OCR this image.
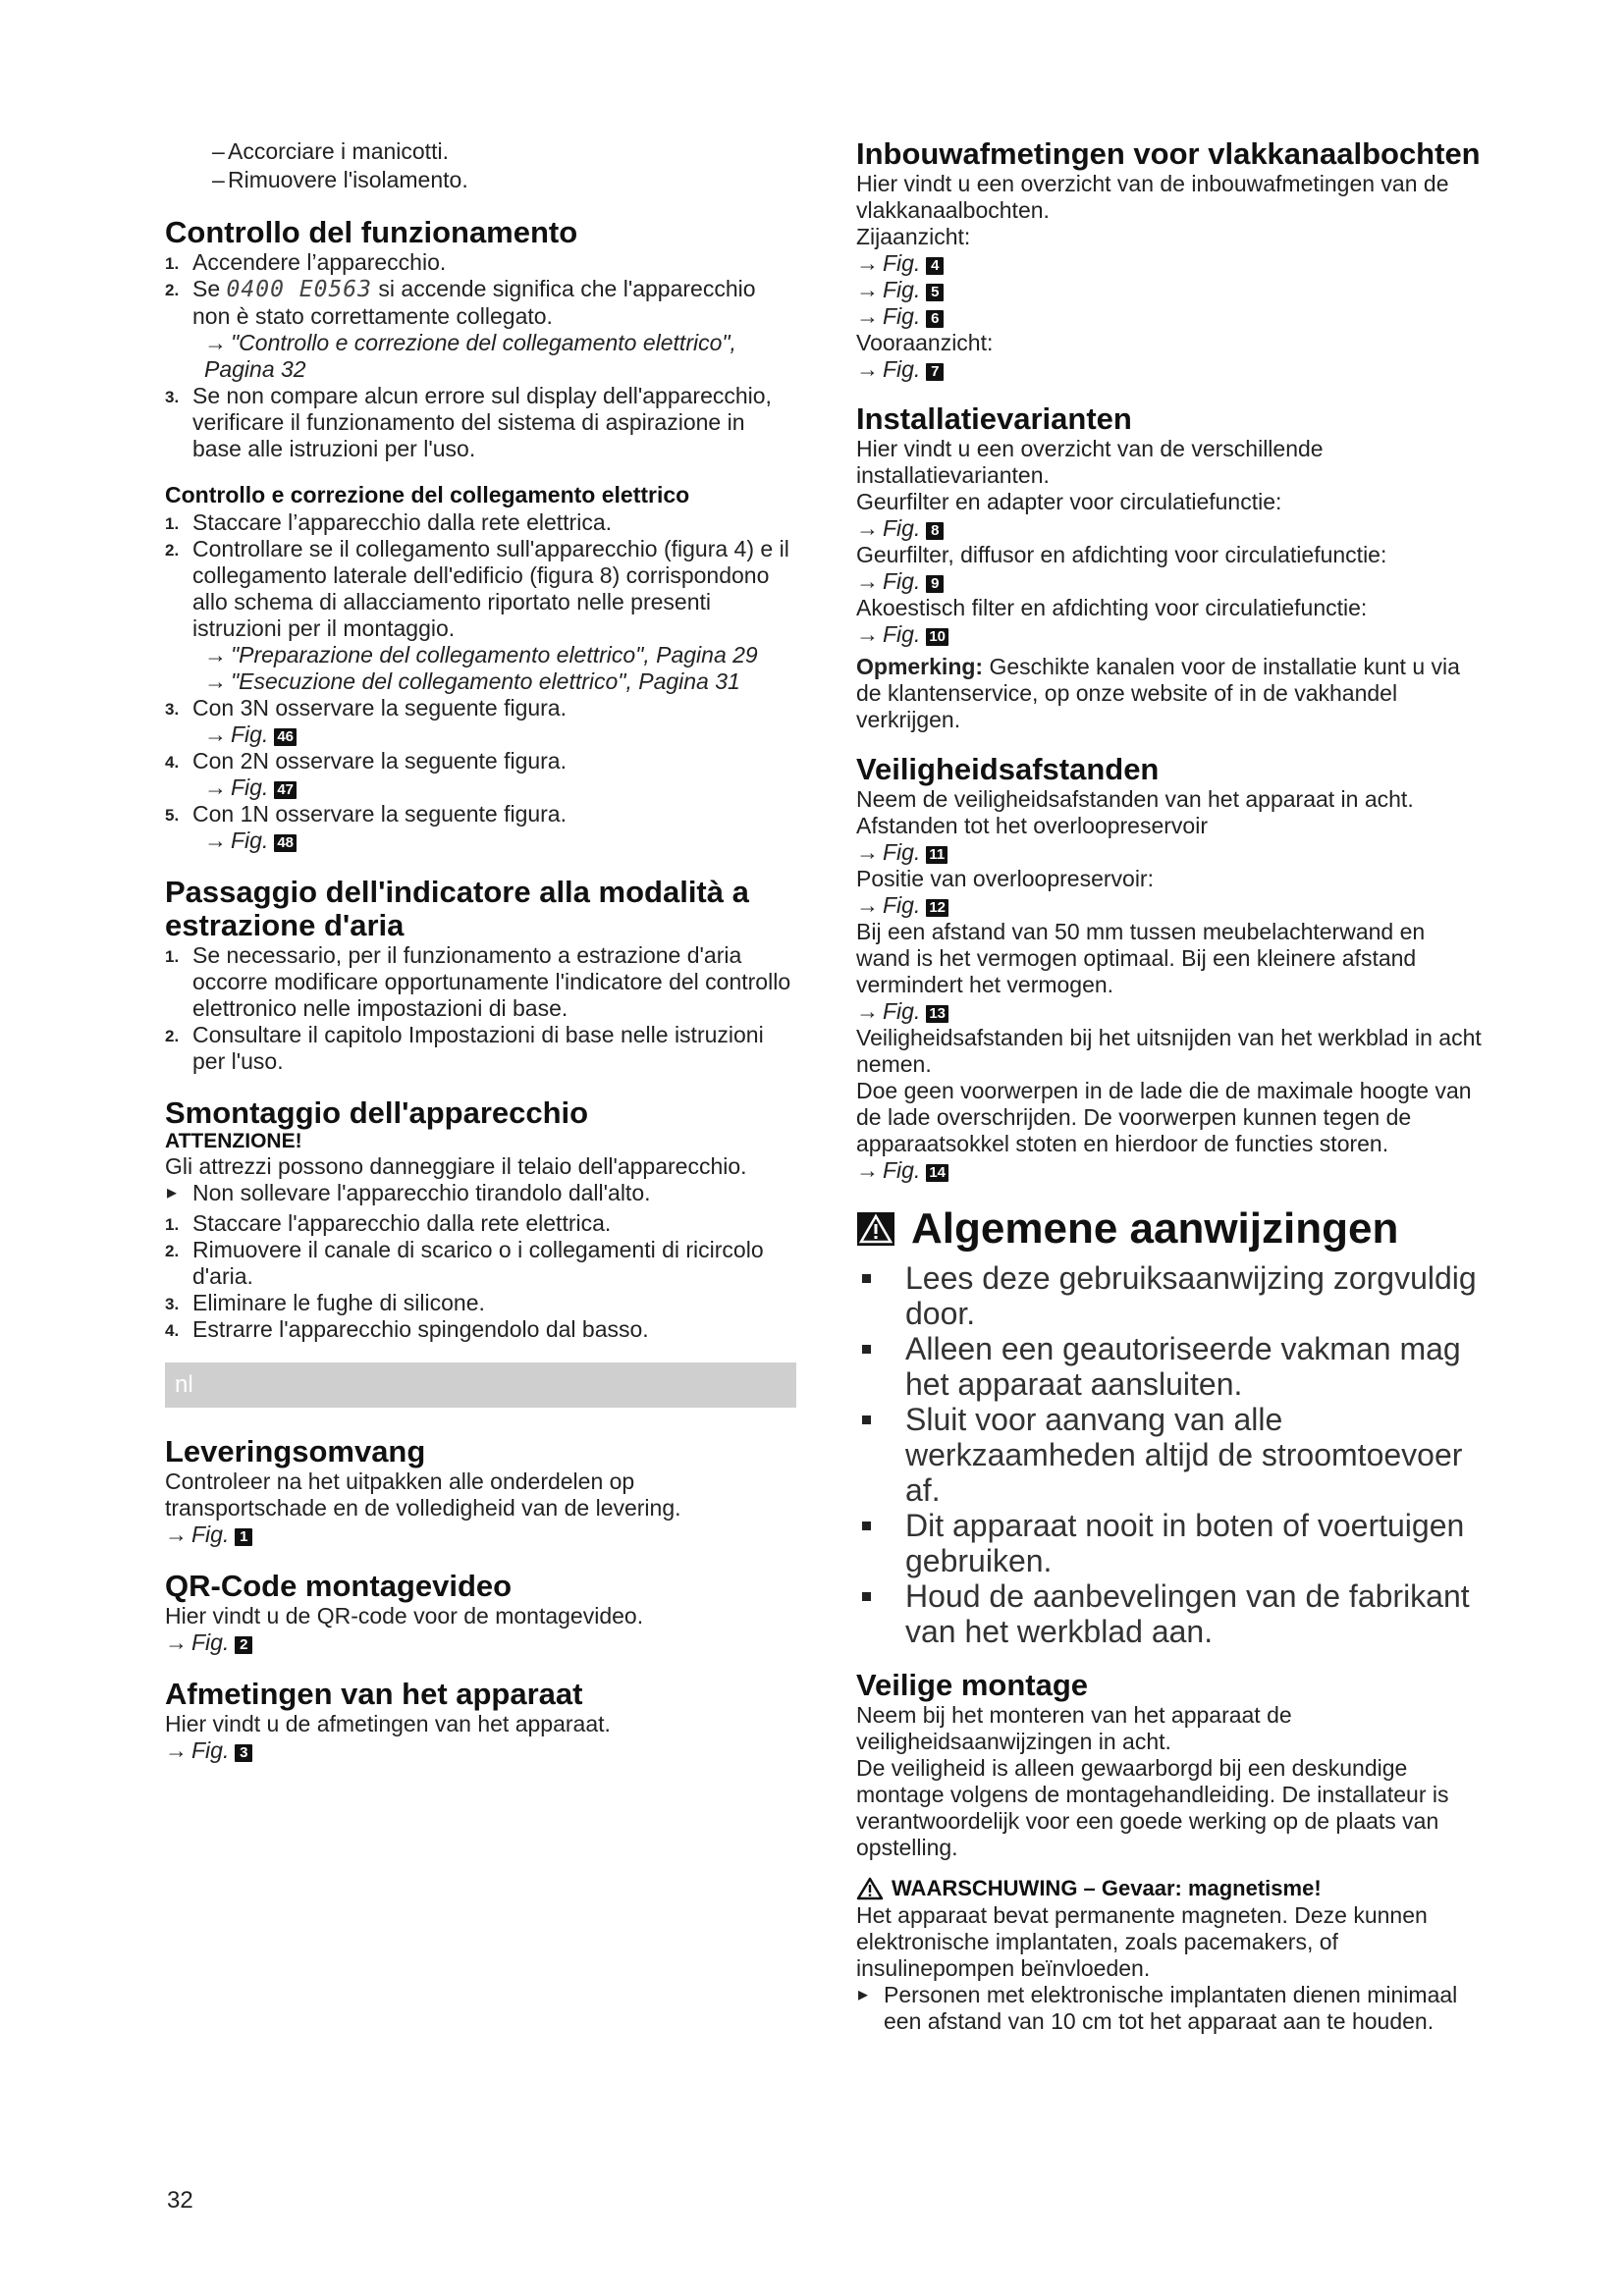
– Accorciare i manicotti.
– Rimuovere l'isolamento.
Controllo del funzionamento
1. Accendere l’apparecchio.
2. Se 0400 E0563 si accende significa che l'apparecchio non è stato correttamente collegato.
→ "Controllo e correzione del collegamento elettrico", Pagina 32
3. Se non compare alcun errore sul display dell'apparecchio, verificare il funzionamento del sistema di aspirazione in base alle istruzioni per l'uso.
Controllo e correzione del collegamento elettrico
1. Staccare l’apparecchio dalla rete elettrica.
2. Controllare se il collegamento sull'apparecchio (figura 4) e il collegamento laterale dell'edificio (figura 8) corrispondono allo schema di allacciamento riportato nelle presenti istruzioni per il montaggio.
→ "Preparazione del collegamento elettrico", Pagina 29
→ "Esecuzione del collegamento elettrico", Pagina 31
3. Con 3N osservare la seguente figura.
→ Fig. 46
4. Con 2N osservare la seguente figura.
→ Fig. 47
5. Con 1N osservare la seguente figura.
→ Fig. 48
Passaggio dell'indicatore alla modalità a estrazione d'aria
1. Se necessario, per il funzionamento a estrazione d'aria occorre modificare opportunamente l'indicatore del controllo elettronico nelle impostazioni di base.
2. Consultare il capitolo Impostazioni di base nelle istruzioni per l'uso.
Smontaggio dell'apparecchio
ATTENZIONE!

Gli attrezzi possono danneggiare il telaio dell'apparecchio.

▸ Non sollevare l'apparecchio tirandolo dall'alto.
1. Staccare l'apparecchio dalla rete elettrica.
2. Rimuovere il canale di scarico o i collegamenti di ricircolo d'aria.
3. Eliminare le fughe di silicone.
4. Estrarre l'apparecchio spingendolo dal basso.
nl
Leveringsomvang

Controleer na het uitpakken alle onderdelen op transportschade en de volledigheid van de levering.

→ Fig. 1
QR-Code montagevideo

Hier vindt u de QR-code voor de montagevideo.

→ Fig. 2
Afmetingen van het apparaat

Hier vindt u de afmetingen van het apparaat.

→ Fig. 3
Inbouwafmetingen voor vlakkanaalbochten

Hier vindt u een overzicht van de inbouwafmetingen van de vlakkanaalbochten.

Zijaanzicht:

→ Fig. 4
→ Fig. 5
→ Fig. 6

Vooraanzicht:

→ Fig. 7
Installatievarianten

Hier vindt u een overzicht van de verschillende installatievarianten.

Geurfilter en adapter voor circulatiefunctie:

→ Fig. 8

Geurfilter, diffusor en afdichting voor circulatiefunctie:

→ Fig. 9

Akoestisch filter en afdichting voor circulatiefunctie:

→ Fig. 10

Opmerking: Geschikte kanalen voor de installatie kunt u via de klantenservice, op onze website of in de vakhandel verkrijgen.

Veiligheidsafstanden

Neem de veiligheidsafstanden van het apparaat in acht.

Afstanden tot het overloopreservoir

→ Fig. 11

Positie van overloopreservoir:

→ Fig. 12

Bij een afstand van 50 mm tussen meubelachterwand en wand is het vermogen optimaal. Bij een kleinere afstand vermindert het vermogen.

→ Fig. 13

Veiligheidsafstanden bij het uitsnijden van het werkblad in acht nemen.

Doe geen voorwerpen in de lade die de maximale hoogte van de lade overschrijden. De voorwerpen kunnen tegen de apparaatsokkel stoten en hierdoor de functies storen.

→ Fig. 14
Algemene aanwijzingen
Lees deze gebruiksaanwijzing zorgvuldig door.
Alleen een geautoriseerde vakman mag het apparaat aansluiten.
Sluit voor aanvang van alle werkzaamheden altijd de stroomtoevoer af.
Dit apparaat nooit in boten of voertuigen gebruiken.
Houd de aanbevelingen van de fabrikant van het werkblad aan.
Veilige montage

Neem bij het monteren van het apparaat de veiligheidsaanwijzingen in acht.

De veiligheid is alleen gewaarborgd bij een deskundige montage volgens de montagehandleiding. De installateur is verantwoordelijk voor een goede werking op de plaats van opstelling.

WAARSCHUWING – Gevaar: magnetisme!

Het apparaat bevat permanente magneten. Deze kunnen elektronische implantaten, zoals pacemakers, of insulinepompen beïnvloeden.

▸ Personen met elektronische implantaten dienen minimaal een afstand van 10 cm tot het apparaat aan te houden.
32
